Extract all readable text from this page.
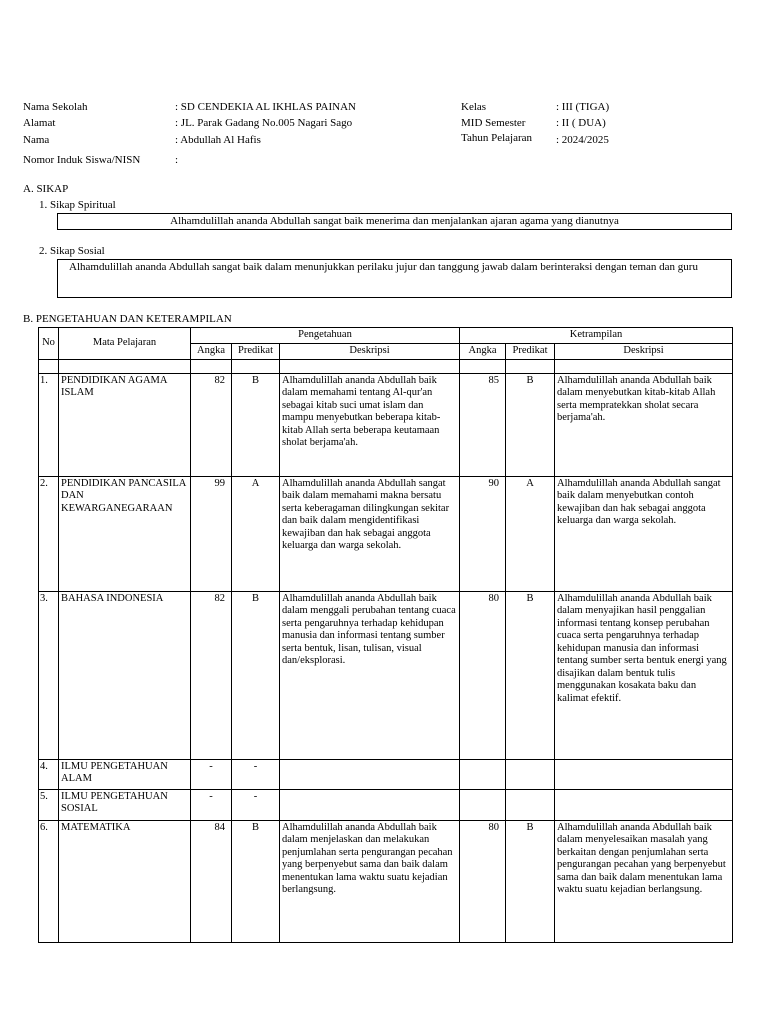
Nama Sekolah	: SD CENDEKIA AL IKHLAS PAINAN
Alamat	: JL. Parak Gadang No.005 Nagari Sago
Nama	: Abdullah Al Hafis
Nomor Induk Siswa/NISN	:
Kelas	: III (TIGA)
MID Semester	: II ( DUA)
Tahun Pelajaran : 2024/2025
A. SIKAP
1. Sikap Spiritual
Alhamdulillah ananda Abdullah sangat baik menerima dan menjalankan ajaran agama yang dianutnya
2. Sikap Sosial
Alhamdulillah ananda Abdullah sangat baik dalam menunjukkan perilaku jujur dan tanggung jawab dalam berinteraksi dengan teman dan guru
B. PENGETAHUAN DAN KETERAMPILAN
No	Mata Pelajaran	Pengetahuan			Ketrampilan		
		Angka	Predikat	Deskripsi	Angka	Predikat	Deskripsi

1.	PENDIDIKAN AGAMA ISLAM	82	B	Alhamdulillah ananda Abdullah baik dalam memahami tentang Al-qur'an sebagai kitab suci umat islam dan mampu menyebutkan beberapa kitab-kitab Allah serta beberapa keutamaan sholat berjama'ah.	85	B	Alhamdulillah ananda Abdullah baik dalam menyebutkan kitab-kitab Allah serta mempratekkan sholat secara berjama'ah.
2.	PENDIDIKAN PANCASILA DAN KEWARGANEGARAAN	99	A	Alhamdulillah ananda Abdullah sangat baik dalam memahami makna bersatu serta keberagaman dilingkungan sekitar dan baik dalam mengidentifikasi kewajiban dan hak sebagai anggota keluarga dan warga sekolah.	90	A	Alhamdulillah ananda Abdullah sangat baik dalam menyebutkan contoh kewajiban dan hak sebagai anggota keluarga dan warga sekolah.
3.	BAHASA INDONESIA	82	B	Alhamdulillah ananda Abdullah baik dalam menggali perubahan tentang cuaca serta pengaruhnya terhadap kehidupan manusia dan informasi tentang sumber serta bentuk, lisan, tulisan, visual dan/eksplorasi.	80	B	Alhamdulillah ananda Abdullah baik dalam menyajikan hasil penggalian informasi tentang konsep perubahan cuaca serta pengaruhnya terhadap kehidupan manusia dan informasi tentang sumber serta bentuk energi yang disajikan dalam bentuk tulis menggunakan kosakata baku dan kalimat efektif.
4.	ILMU PENGETAHUAN ALAM	-	-				
5.	ILMU PENGETAHUAN SOSIAL	-	-				
6.	MATEMATIKA	84	B	Alhamdulillah ananda Abdullah baik dalam menjelaskan dan melakukan penjumlahan serta pengurangan pecahan yang berpenyebut sama dan baik dalam menentukan lama waktu suatu kejadian berlangsung.	80	B	Alhamdulillah ananda Abdullah baik dalam menyelesaikan masalah yang berkaitan dengan penjumlahan serta pengurangan pecahan yang berpenyebut sama dan baik dalam menentukan lama waktu suatu kejadian berlangsung.
